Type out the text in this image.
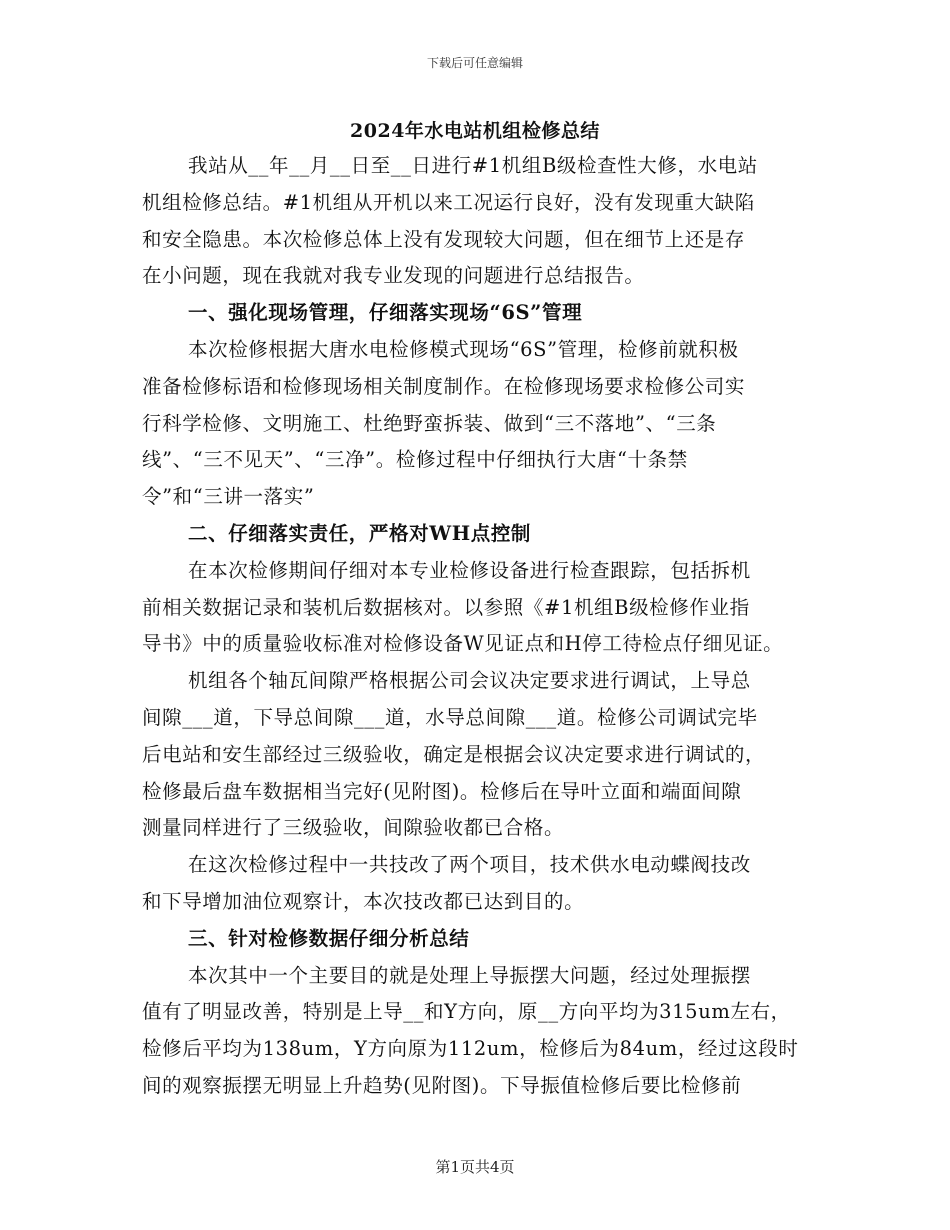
下载后可任意编辑
2024年水电站机组检修总结
我站从__年__月__日至__日进行#1机组B级检查性大修，水电站
机组检修总结。#1机组从开机以来工况运行良好，没有发现重大缺陷
和安全隐患。本次检修总体上没有发现较大问题，但在细节上还是存
在小问题，现在我就对我专业发现的问题进行总结报告。
一、强化现场管理，仔细落实现场“6S”管理
本次检修根据大唐水电检修模式现场“6S”管理，检修前就积极
准备检修标语和检修现场相关制度制作。在检修现场要求检修公司实
行科学检修、文明施工、杜绝野蛮拆装、做到“三不落地”、“三条
线”、“三不见天”、“三净”。检修过程中仔细执行大唐“十条禁
令”和“三讲一落实”
二、仔细落实责任，严格对WH点控制
在本次检修期间仔细对本专业检修设备进行检查跟踪，包括拆机
前相关数据记录和装机后数据核对。以参照《#1机组B级检修作业指
导书》中的质量验收标准对检修设备W见证点和H停工待检点仔细见证。
机组各个轴瓦间隙严格根据公司会议决定要求进行调试，上导总
间隙___道，下导总间隙___道，水导总间隙___道。检修公司调试完毕
后电站和安生部经过三级验收，确定是根据会议决定要求进行调试的，
检修最后盘车数据相当完好(见附图)。检修后在导叶立面和端面间隙
测量同样进行了三级验收，间隙验收都已合格。
在这次检修过程中一共技改了两个项目，技术供水电动蝶阀技改
和下导增加油位观察计，本次技改都已达到目的。
三、针对检修数据仔细分析总结
本次其中一个主要目的就是处理上导振摆大问题，经过处理振摆
值有了明显改善，特别是上导__和Y方向，原__方向平均为315um左右，
检修后平均为138um，Y方向原为112um，检修后为84um，经过这段时
间的观察振摆无明显上升趋势(见附图)。下导振值检修后要比检修前
第1页共4页
